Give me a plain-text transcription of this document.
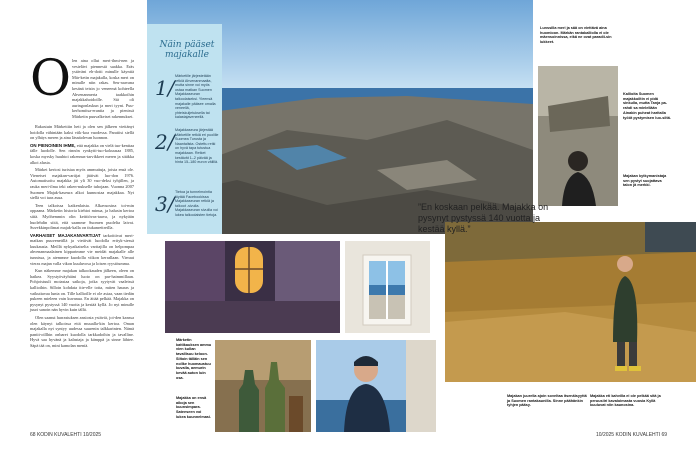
O len aina ollut meri-ihmi-nen ja vesielävi piennestä saakka. Eräs ystäväni eh-dotti minulle käyntiä Mär-ketin majakalla, koska meri on minulle niin rakas. Seu-raavana kesänä teisin jo veneemä kohteella Ahvenanmerta taakkoihin majakkahoidoille. Siä oli auringonlaskun ja meri tyyni. Puu-kerhomitsa-erantia ja pienissä Märketin puuvalkeiset rakennukset.

Rakastuin Märkettiin heti ja olen sen jälkeen viettänyt hoidolla vähintään kaksi viik-koa vuodessa. Paratiisi siellä on ylhäys meren ja aina läsnäolevan luonnon.

ON PIENOINEN IHME, että majakka on vielä tuo-kenttaa tälle luodolle. Sen rinnön rynkytti-tuo-kokuusaa 1885, koska myrsky huuhtoi rakennus-tarvikkeet meren ja sitäkka alkoi alusta.

Märket keriosi turistaa myös ammuttuja, joista ensä ole. Vienetset majakan-vartijat jättivät luo-don 1976. Automatisoitu majakka jäi yli 30 vuo-deksi tyhjillen, ja rauka meri-ilma teki raken-nukselle tuhojaan. Vuonna 2007 Suomen Majak-kaseura alkoi kunnostaa majakkaa. Nyt siellä voi taas asua.

Teen talkoissa kaikenlaista. Alkavuosina toi-min oppaana. Märketin historia kiehtoi minua, ja halusin kertoa siitä. Myöhemmin olin keittiövas-taava, ja nykyään huolehdin siitä, että saamme Suomen puolelta laivat. Suvekkinpolimat majak-kalla on tiukanreitreilla.

VARHAISET MAJAKANVARTIJAT tarkoittivat meri-matkan puuvenettllä ja vietiivät luodolla erityk-siessä kuukausia. Meillä nykyaikaiselta varttajilla on helpompaa ahvenanmaalainen kipparimme vie meidät majakalle alle tunnissa, ja aiemmne kuodolla viikon kerrallaan. Vieraat vieras majan valla vikon kuuluvosa ja loisen ryystöumma.

Kun näkemme majakan talkookauden jälkeen, oleen on haikea. Syystyöväyhtäni luoto on par-haimmillaan. Pohjoistuuli moiastaa saikoja, jotka syytyvät vaaleissä kallioihin. Silloin kohdata itte-elle totta, miten hauras ja vaikuttavaa lunta on. Tille kallioille ei ole asiaa, vaan tiedän pukeen mieleen vain kuvanua. En äitää pelkää. Majakka on pysynyt pystyssä 140 vuotta ja kestää kyllä. Jo nyt minulle juuri sanoin nän hyvin kuin tällä.

Olen saanut harrastuksen ansiosta ystäviä, joi-den kanssa olen käynyt talkoissa että muualla-kin kertoa. Oman majakalla nyt syntyy uudessa suurenin talkkarinten. Nämä pantit-oillhin onbaret kuodolla tarkkadoihin ja tavalline. Hyvä saa hyvänä ja kalastaja ja kämppä ja sinne lähtee. Säpä tää on, mini kamolan meniä.

68 KODIN KUVALEHTI 10/2025
Näin pääset majakalle
1/ Märketille järjestetään retkiä Ahvenanmaalta, mutta sinne voi myös ostaa matkan Suomen Majakkaseuran talkoolaiseksi. Yleensä majakalle pääsee omalla veneellä, yhteiskuljetuksella tai kalastajaveneellä.
2/ Majakkaseura järjestää Märketille retkiä eri puolille Suomea Turusta ja Naantalista. Ostettu retki on hyvä tapa tutustua majakkaan. Retket kestävät 1–2 päivää ja hinta 15–180 euron välillä.
3/ Tietoa ja tunnelmointia löytää Facebookissa Majakkaseuran retkiä ja talkoot -sivulla. Majakkaseuran sivuilla voi lukea talkoolaisten tietoja.
Lunssilla meri ja sää on viettävä aina huomioon. Märkän rantakalliolla ei ole mäensoinnissa, eikä ne ovat paradii-sin lukkeet.
Kallioita Suomen majakkoiltin ei pidä sinkulla, mutta Tanja pa-rahdi sa mielellään Ainakin puheat haritalla työöt pystymisen luo-siltä.
Majakan kytkymanistaja sen pystyt suojattava talon jä merkki.
”En koskaan pelkää. Majakka on pysynyt pystyssä 140 vuotta ja kestää kyllä.”
Märketin kattikauksen ammu vien kullan tavallisuu keloon. Siltoin tälläin sen nollke huomaustuu kuvalla, aemurin kevää auton luin osa.
Majakka on ensä aikoja sen kuunsimpara. Sateeseen voi lukea kuunnelmasi.
Majakan juurella ajoin soveltaa itsenäisyyttä ja Suomen rantakaunilla. Sinne päähänkin tyhjen pääsy.
Majakka eti kahvilla ei ole pelkää sitä ja peruusiiri kavaloimasta vuosia Kyllä kuuluvat niin kaunosina.
10/2025 KODIN KUVALEHTI 69
